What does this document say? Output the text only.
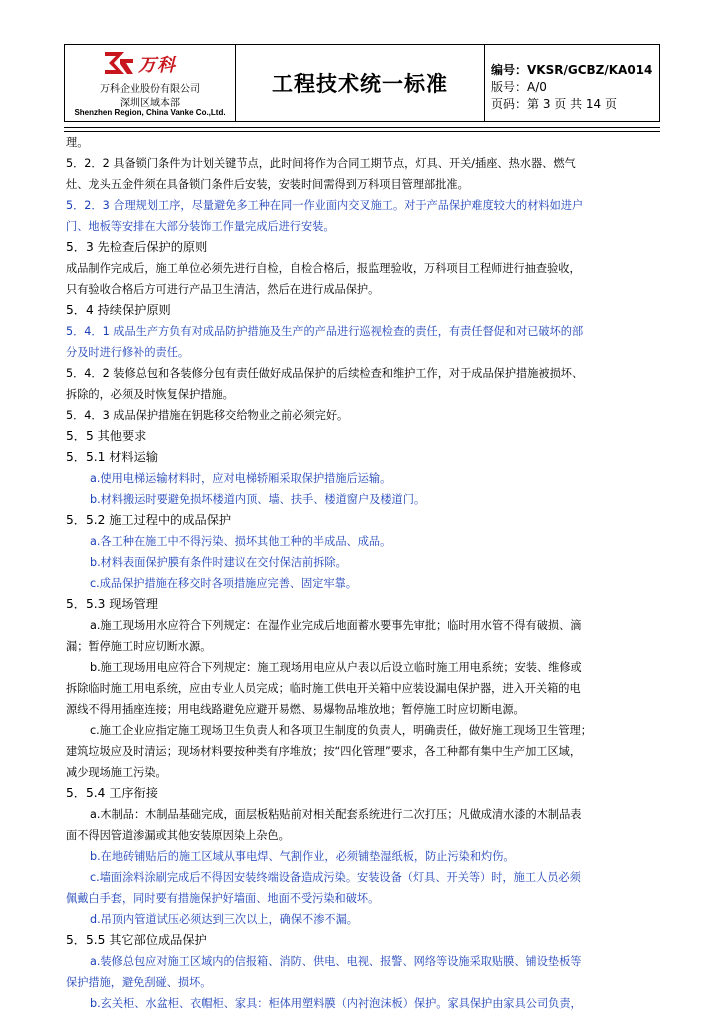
万科
万科企业股份有限公司
深圳区域本部
Shenzhen Region, China Vanke Co.,Ltd.
工程技术统一标准
编号：VKSR/GCBZ/KA014
版号：A/0
页码：第 3 页 共 14 页
理。
5．2．2 具备锁门条件为计划关键节点，此时间将作为合同工期节点，灯具、开关/插座、热水器、燃气
灶、龙头五金件须在具备锁门条件后安装，安装时间需得到万科项目管理部批准。
5．2．3 合理规划工序，尽量避免多工种在同一作业面内交叉施工。对于产品保护难度较大的材料如进户
门、地板等安排在大部分装饰工作量完成后进行安装。
5．3 先检查后保护的原则
成品制作完成后，施工单位必须先进行自检，自检合格后，报监理验收，万科项目工程师进行抽查验收，
只有验收合格后方可进行产品卫生清洁，然后在进行成品保护。
5．4 持续保护原则
5．4．1 成品生产方负有对成品防护措施及生产的产品进行巡视检查的责任，有责任督促和对已破坏的部
分及时进行修补的责任。
5．4．2 装修总包和各装修分包有责任做好成品保护的后续检查和维护工作，对于成品保护措施被损坏、
拆除的，必须及时恢复保护措施。
5．4．3 成品保护措施在钥匙移交给物业之前必须完好。
5．5 其他要求
5．5.1 材料运输
a.使用电梯运输材料时，应对电梯轿厢采取保护措施后运输。
b.材料搬运时要避免损坏楼道内顶、墙、扶手、楼道窗户及楼道门。
5．5.2 施工过程中的成品保护
a.各工种在施工中不得污染、损坏其他工种的半成品、成品。
b.材料表面保护膜有条件时建议在交付保洁前拆除。
c.成品保护措施在移交时各项措施应完善、固定牢靠。
5．5.3 现场管理
a.施工现场用水应符合下列规定：在湿作业完成后地面蓄水要事先审批；临时用水管不得有破损、滴
漏；暂停施工时应切断水源。
b.施工现场用电应符合下列规定：施工现场用电应从户表以后设立临时施工用电系统；安装、维修或
拆除临时施工用电系统，应由专业人员完成；临时施工供电开关箱中应装设漏电保护器，进入开关箱的电
源线不得用插座连接；用电线路避免应避开易燃、易爆物品堆放地；暂停施工时应切断电源。
c.施工企业应指定施工现场卫生负责人和各项卫生制度的负责人，明确责任，做好施工现场卫生管理；
建筑垃圾应及时清运；现场材料要按种类有序堆放；按“四化管理”要求，各工种都有集中生产加工区域，
减少现场施工污染。
5．5.4 工序衔接
a.木制品：木制品基础完成，面层板粘贴前对相关配套系统进行二次打压；凡做成清水漆的木制品表
面不得因管道渗漏或其他安装原因染上杂色。
b.在地砖铺贴后的施工区域从事电焊、气割作业，必须铺垫湿纸板，防止污染和灼伤。
c.墙面涂料涂刷完成后不得因安装终端设备造成污染。安装设备（灯具、开关等）时，施工人员必须
佩戴白手套，同时要有措施保护好墙面、地面不受污染和破坏。
d.吊顶内管道试压必须达到三次以上，确保不渗不漏。
5．5.5 其它部位成品保护
a.装修总包应对施工区域内的信报箱、消防、供电、电视、报警、网络等设施采取贴膜、铺设垫板等
保护措施，避免刮碰、损坏。
b.玄关柜、水盆柜、衣帽柜、家具：柜体用塑料膜（内衬泡沫板）保护。家具保护由家具公司负责，
